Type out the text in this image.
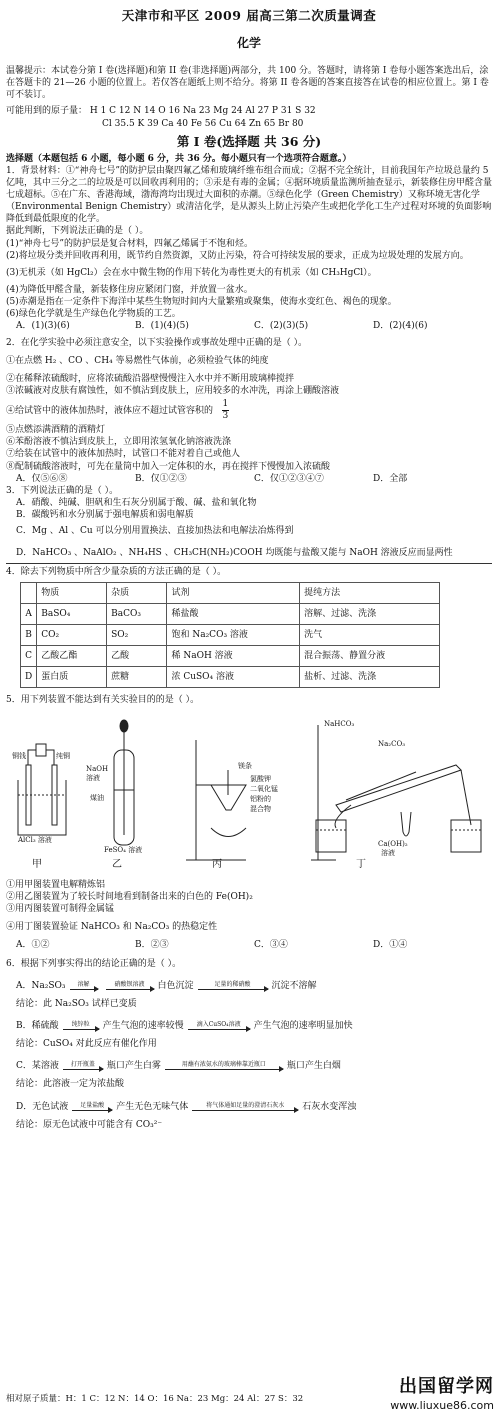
天津市和平区 2009 届高三第二次质量调查
化学

温馨提示：本试卷分第 I 卷(选择题)和第 II 卷(非选择题)两部分，共 100 分。答题时，请将第 I 卷每小题答案选出后，涂在答题卡的 21—26 小题的位置上。若仅答在题纸上则不给分。将第 II 卷各题的答案直接答在试卷的相应位置上。第 I 卷可不装订。

可能用到的原子量： H 1 C 12 N 14 O 16 Na 23 Mg 24 Al 27 P 31 S 32

Cl 35.5 K 39 Ca 40 Fe 56 Cu 64 Zn 65 Br 80

第 I 卷(选择题 共 36 分)

选择题（本题包括 6 小题，每小题 6 分，共 36 分。每小题只有一个选项符合题意。）

1．背景材料：①“神舟七号”的防护层由聚四氟乙烯和玻璃纤维布组合而成；②据不完全统计，目前我国年产垃圾总量约 5 亿吨，其中三分之二的垃圾是可以回收再利用的；③汞是有毒的金属；④据环境质量监测所抽查显示，新装修住房甲醛含量七成超标。⑤在广东、香港海域，渤海湾均出现过大面积的赤潮。⑤绿色化学（Green Chemistry）又称环境无害化学（Environmental Benign Chemistry）或清洁化学，是从源头上防止污染产生或把化学化工生产过程对环境的负面影响降低到最低限度的化学。

据此判断，下列说法正确的是（ ）。

(1)“神舟七号”的防护层是复合材料，四氟乙烯属于不饱和烃。

(2)将垃圾分类并回收再利用，既节约自然资源，又防止污染，符合可持续发展的要求，正成为垃圾处理的发展方向。

(3)无机汞（如 HgCl₂）会在水中微生物的作用下转化为毒性更大的有机汞（如 CH₃HgCl）。

(4)为降低甲醛含量，新装修住房应紧闭门窗，并放置一盆水。

(5)赤潮是指在一定条件下海洋中某些生物短时间内大量繁殖或聚集，使海水变红色、褐色的现象。

(6)绿色化学就是生产绿色化学物质的工艺。

A．(1)(3)(6)	B．(1)(4)(5)	C．(2)(3)(5)	D．(2)(4)(6)

2．在化学实验中必须注意安全，以下实验操作或事故处理中正确的是（ ）。

①在点燃 H₂ 、CO 、CH₄ 等易燃性气体前，必须检验气体的纯度

②在稀释浓硫酸时，应将浓硫酸沿器壁慢慢注入水中并不断用玻璃棒搅拌

③浓碱液对皮肤有腐蚀性，如不慎沾到皮肤上，应用较多的水冲洗，再涂上硼酸溶液

④给试管中的液体加热时，液体应不超过试管容积的 $\frac{1}{3}$

⑤点燃添满酒精的酒精灯

⑥苯酚溶液不慎沾到皮肤上，立即用浓氢氧化钠溶液洗涤

⑦给装在试管中的液体加热时，试管口不能对着自己或他人

⑧配制硫酸溶液时，可先在量筒中加入一定体积的水，再在搅拌下慢慢加入浓硫酸

A．仅⑤⑥⑧	B．仅①②③	C．仅①②③④⑦	D．全部

3．下列说法正确的是（ ）。

A．硝酸、纯碱、胆矾和生石灰分别属于酸、碱、盐和氧化物

B．碳酸钙和水分别属于强电解质和弱电解质

C．Mg 、Al 、Cu 可以分别用置换法、直接加热法和电解法冶炼得到

D．NaHCO₃ 、NaAlO₂ 、NH₄HS 、CH₃CH(NH₂)COOH 均既能与盐酸又能与 NaOH 溶液反应而显两性

4．除去下列物质中所含少量杂质的方法正确的是（ ）。

	物质	杂质	试剂	提纯方法
A	BaSO₄	BaCO₃	稀盐酸	溶解、过滤、洗涤
B	CO₂	SO₂	饱和 Na₂CO₃ 溶液	洗气
C	乙酸乙酯	乙酸	稀 NaOH 溶液	混合振荡、静置分液
D	蛋白质	蔗糖	浓 CuSO₄ 溶液	盐析、过滤、洗涤

5．用下列装置不能达到有关实验目的的是（ ）。

铜钱	纯铜
AlCl₃ 溶液
NaOH
溶液
煤油
FeSO₄ 溶液
镁条
氯酸钾
二氧化锰
铝粉的
混合物
NaHCO₃
Na₂CO₃
Ca(OH)₂
溶液
甲	乙	丙	丁

①用甲图装置电解精炼铝

②用乙图装置为了较长时间地看到制备出来的白色的 Fe(OH)₂

③用丙图装置可制得金属锰

④用丁图装置验证 NaHCO₃ 和 Na₂CO₃ 的热稳定性

A．①②	B．②③	C．③④	D．①④

6．根据下列事实得出的结论正确的是（ ）。

A．Na₂SO₃ 溶解	硝酸钡溶液 白色沉淀	足量的稀硝酸 沉淀不溶解

结论：此 Na₂SO₃ 试样已变质

B．稀硫酸 纯锌粒 产生气泡的速率较慢 滴入CuSO₄溶液 产生气泡的速率明显加快

结论：CuSO₄ 对此反应有催化作用

C．某溶液 打开瓶盖 瓶口产生白雾	用蘸有浓氨水的玻璃棒靠近瓶口 瓶口产生白烟

结论：此溶液一定为浓盐酸

D．无色试液 足量盐酸 产生无色无味气体	将气体通如足量的澄清石灰水 石灰水变浑浊

结论：原无色试液中可能含有 CO₃²⁻

出国留学网
www.liuxue86.com
相对原子质量：H：1 C：12 N：14 O：16 Na：23 Mg：24 Al：27 S：32
